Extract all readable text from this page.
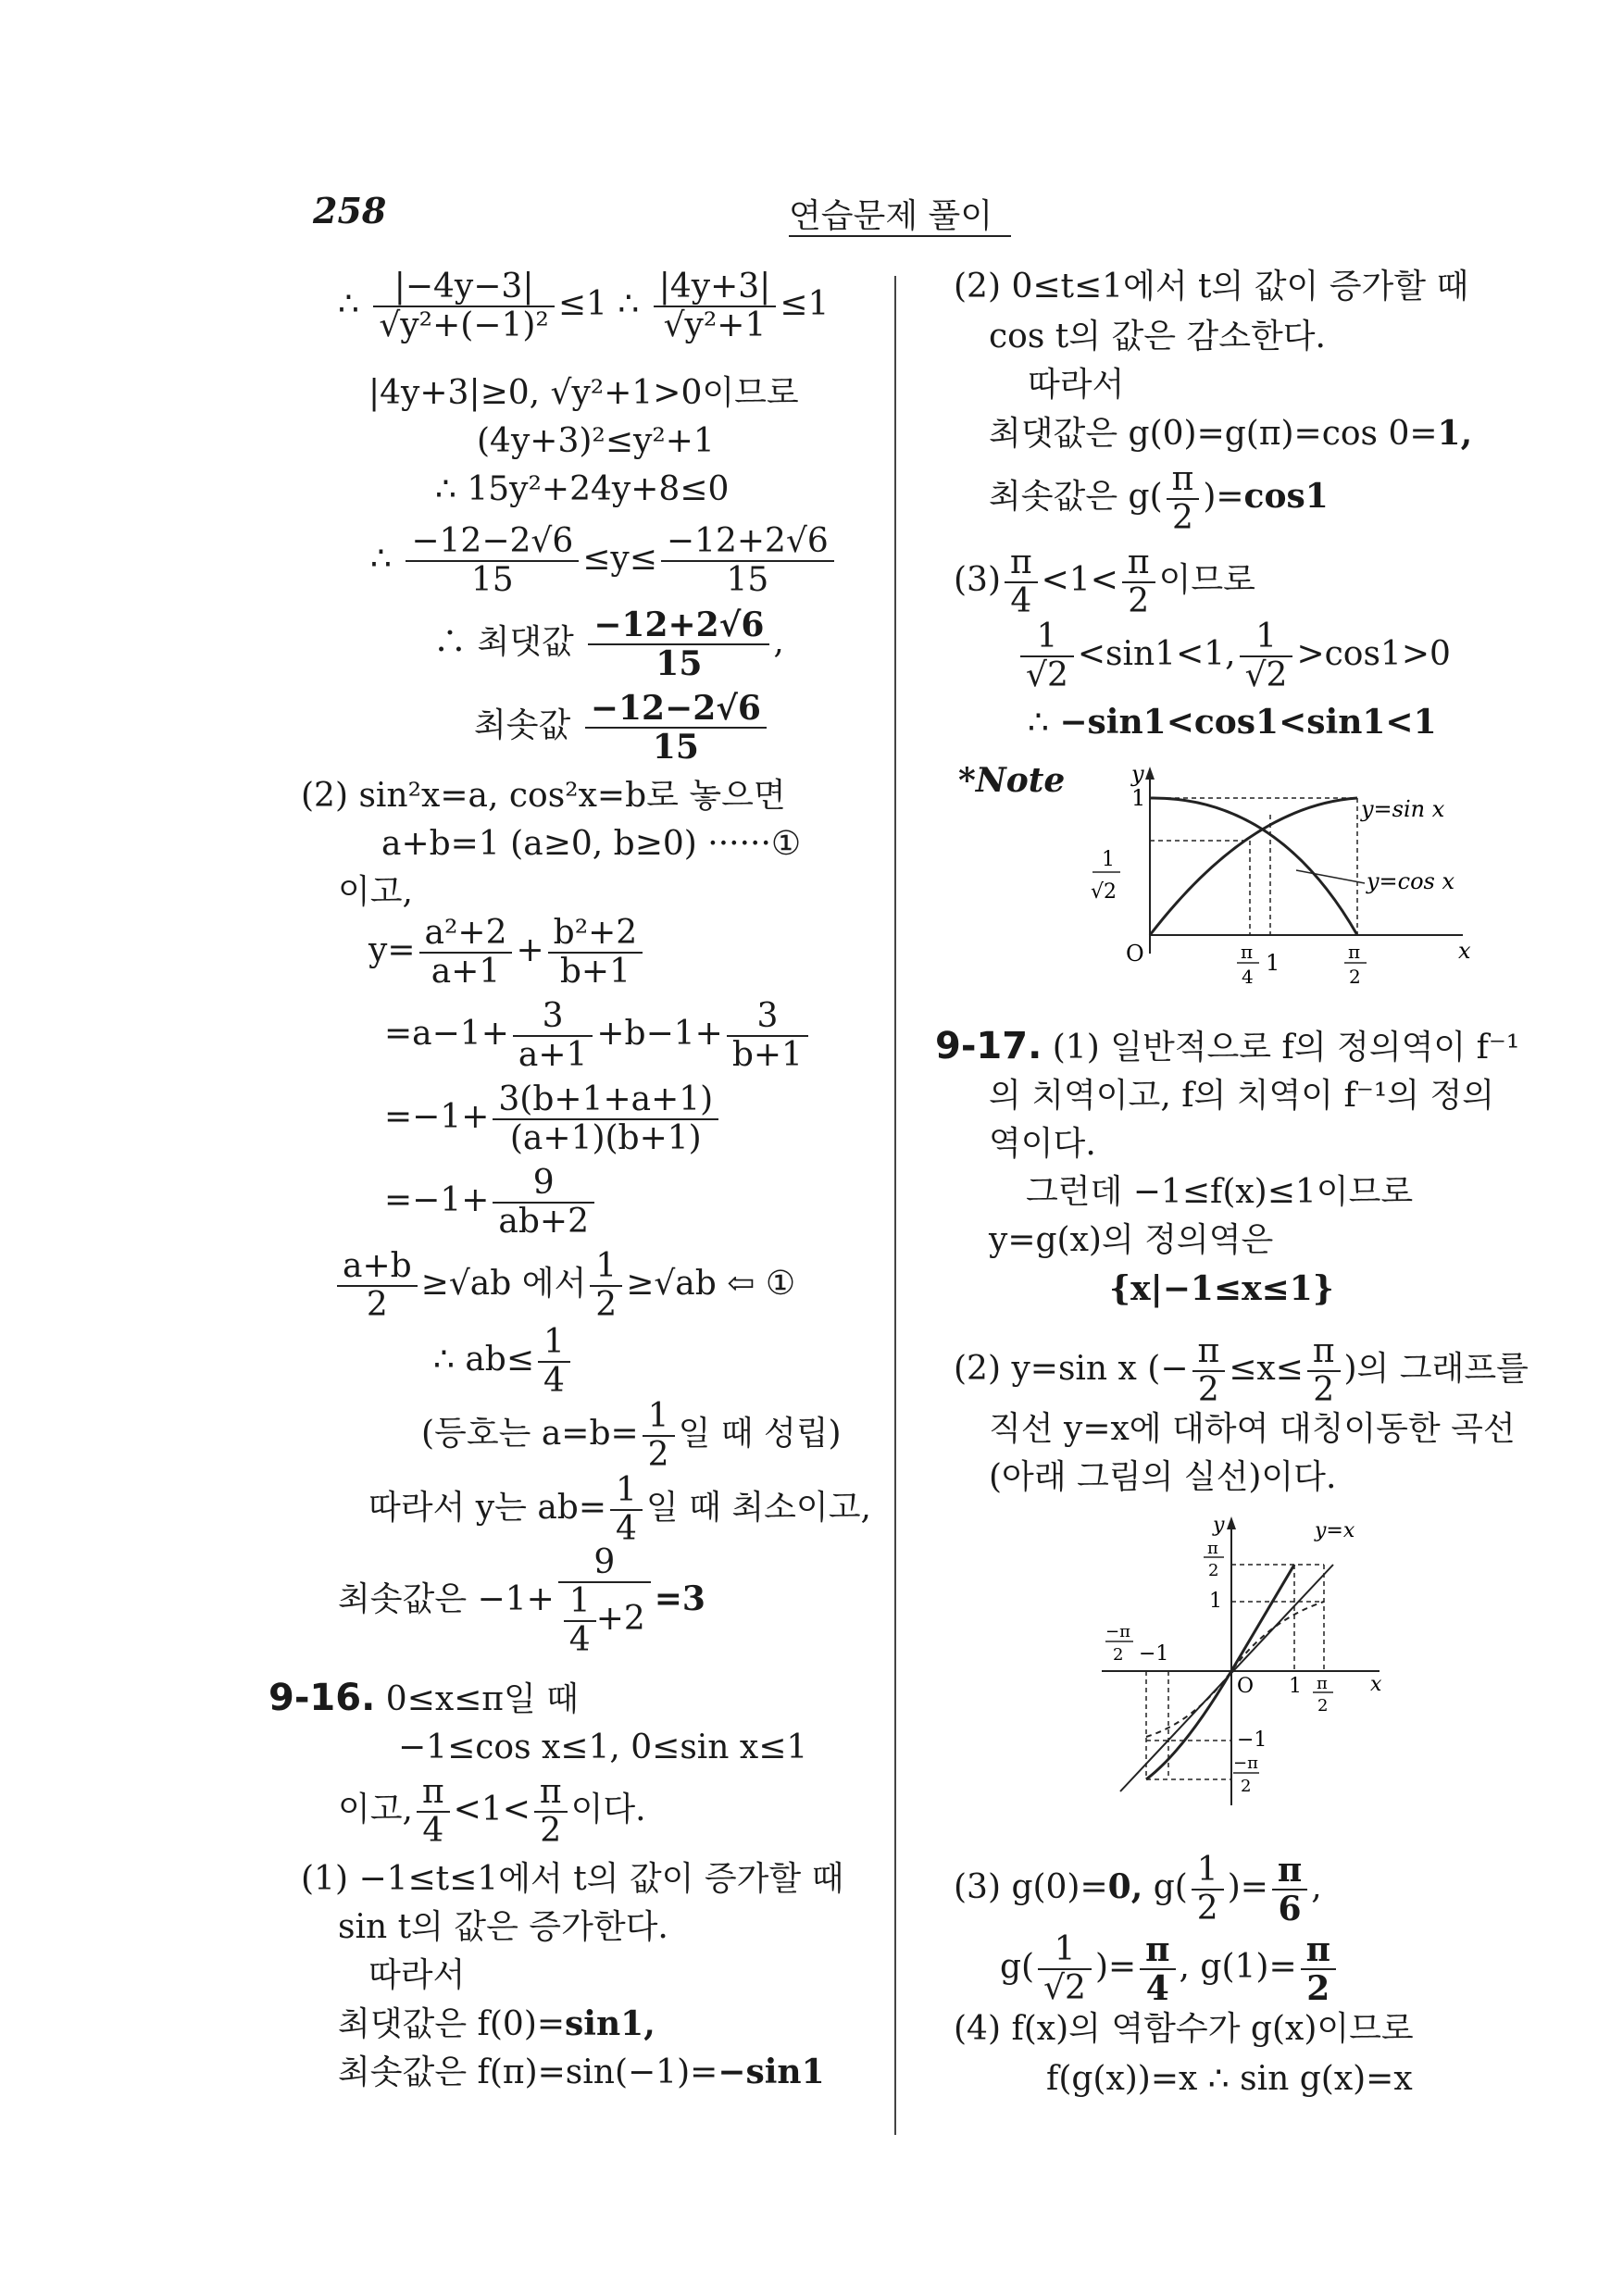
258	연습문제 풀이
∴ $\frac{|-4y-3|}{\text{√y²+(−1)²}} \le 1$ ∴ $\frac{|4y+3|}{\text{√y²+1}} \le 1$
|4y+3|≥0, √y²+1>0이므로
(4y+3)²≤y²+1
∴ 15y²+24y+8≤0
∴ $\frac{-12-2√6}{15} \le y\le \frac{-12+2√6}{15}$
∴ 최댓값 $\frac{-12+2√6}{15}$ ,
최솟값 $\frac{-12-2√6}{15}$
(2) sin²x=a, cos²x=b로 놓으면
a+b=1 (a≥0, b≥0) ······①
이고,
$y= \frac{\text{a²+2}}{a+1} + \frac{\text{b²+2}}{b+1}$
$=a-1+ \frac{3}{a+1} +b-1+ \frac{3}{b+1}$
$=-1+ \frac{3(b+1+a+1)}{(a+1)(b+1)}$
$=-1+ \frac{9}{ab+2}$
$\frac{a+b}{2} \ge√ab$ 에서 $\frac{1}{2} \ge√ab$ ⇦ ①
∴ $ab\le \frac{1}{4}$
(등호는 $a=b= \frac{1}{2}$ 일 때 성립)
따라서 y는 $ab= \frac{1}{4}$ 일 때 최소이고,
최솟값은 $-1+ \frac{9}{\frac{1}{4} +2} =3$
9-16. 0≤x≤π일 때
−1≤cos x≤1, 0≤sin x≤1
이고, $\frac{\pi}{4} <1< \frac{\pi}{2}$ 이다.
(1) −1≤t≤1에서 t의 값이 증가할 때
sin t의 값은 증가한다.
따라서
최댓값은 f(0)=sin1,
최솟값은 f(π)=sin(−1)=−sin1
(2) 0≤t≤1에서 t의 값이 증가할 때
cos t의 값은 감소한다.
따라서
최댓값은 g(0)=g(π)=cos 0=1,
최솟값은 $g( \frac{\pi}{2} )=\cos 1$
$(3) \frac{\pi}{4} <1< \frac{\pi}{2}$ 이므로
$\frac{1}{√2} <\sin 1<1$, $\frac{1}{√2} >\cos 1>0$
∴ −sin1<cos1<sin1<1
*Note	y
1
1
√2
O	x
π
4
1	π
2
y=sin x
y=cos x
9-17. (1) 일반적으로 f의 정의역이 f⁻¹
의 치역이고, f의 치역이 f⁻¹의 정의
역이다.
그런데 −1≤f(x)≤1이므로
y=g(x)의 정의역은
{x|−1≤x≤1}
(2) y=sin x (− $\frac{\pi}{2} \le x\le \frac{\pi}{2}$ )의 그래프를
직선 y=x에 대하여 대칭이동한 곡선
(아래 그림의 실선)이다.
y	y=x
π
2
1
−π
2 −1
O 1 π
2
x
−1
−π
2
(3) g(0)=0, $g( \frac{1}{2}$ )= $\frac{\pi}{6}$ ,
$g( \frac{1}{√2}$ )= $\frac{\pi}{4}$ , $g(1)= \frac{\pi}{2}$
(4) f(x)의 역함수가 g(x)이므로
f(g(x))=x ∴ sin g(x)=x
